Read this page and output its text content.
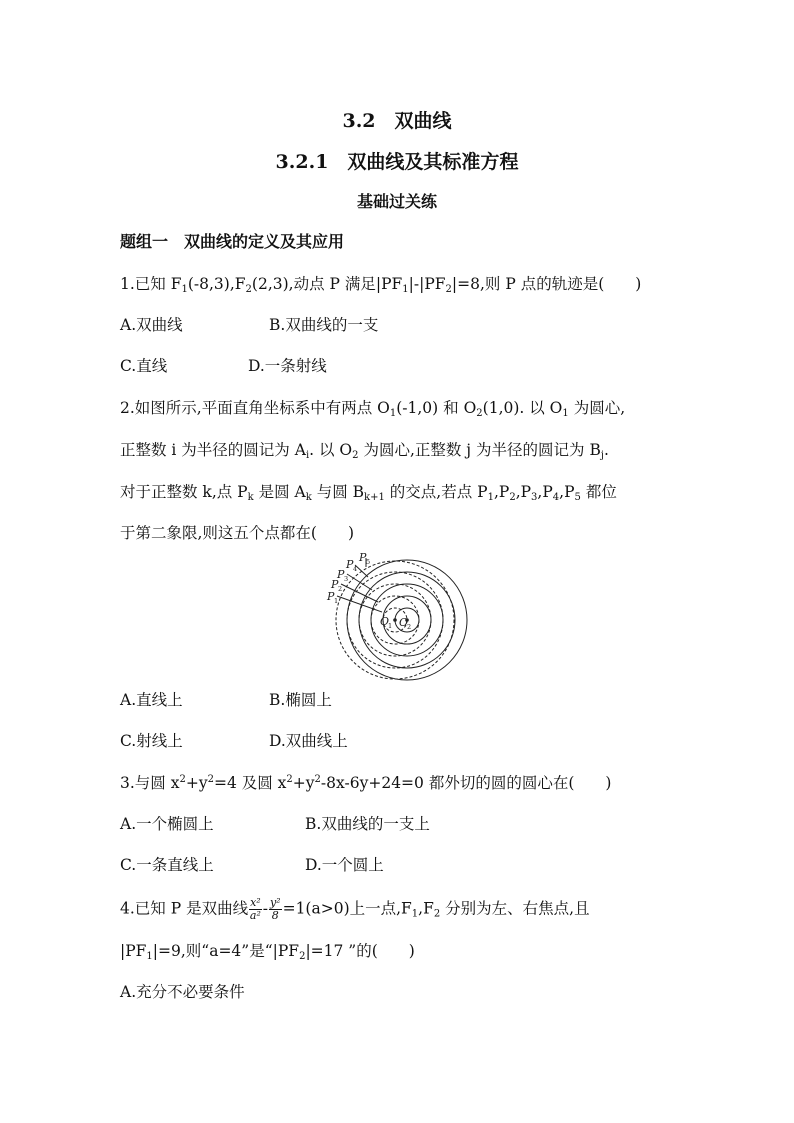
3.2　双曲线
3.2.1　双曲线及其标准方程
基础过关练
题组一　双曲线的定义及其应用
1.已知 $F_1(-8,3),F_2(2,3)$,动点 P 满足$|PF_1|-|PF_2|=8$,则 P 点的轨迹是(　　)
A.双曲线	B.双曲线的一支
C.直线	D.一条射线
2.如图所示,平面直角坐标系中有两点 $O_1(-1,0)$ 和 $O_2(1,0)$. 以 $O_1$ 为圆心,
正整数 i 为半径的圆记为 $A_i$. 以 $O_2$ 为圆心,正整数 j 为半径的圆记为 $B_j$.
对于正整数 k,点 $P_k$ 是圆 $A_k$ 与圆 $B_{k+1}$ 的交点,若点 $P_1,P_2,P_3,P_4,P_5$ 都位
于第二象限,则这五个点都在(　　)
P
P
P
P
P
O O
1
2
3
4
5
1 2
A.直线上	B.椭圆上
C.射线上	D.双曲线上
3.与圆 $x^2+y^2=4$ 及圆 $x^2+y^2-8x-6y+24=0$ 都外切的圆的圆心在(　　)
A.一个椭圆上	B.双曲线的一支上
C.一条直线上	D.一个圆上
4.已知 P 是双曲线 $\frac{\text{x²}}{\text{a²}} - \frac{\text{y²}}{8} =1(a>0)$上一点$,F_1,F_2$ 分别为左、右焦点,且
$|PF_1|=9$,则“a=4”是“$|PF_2|=17$ ”的(　　)
A.充分不必要条件
